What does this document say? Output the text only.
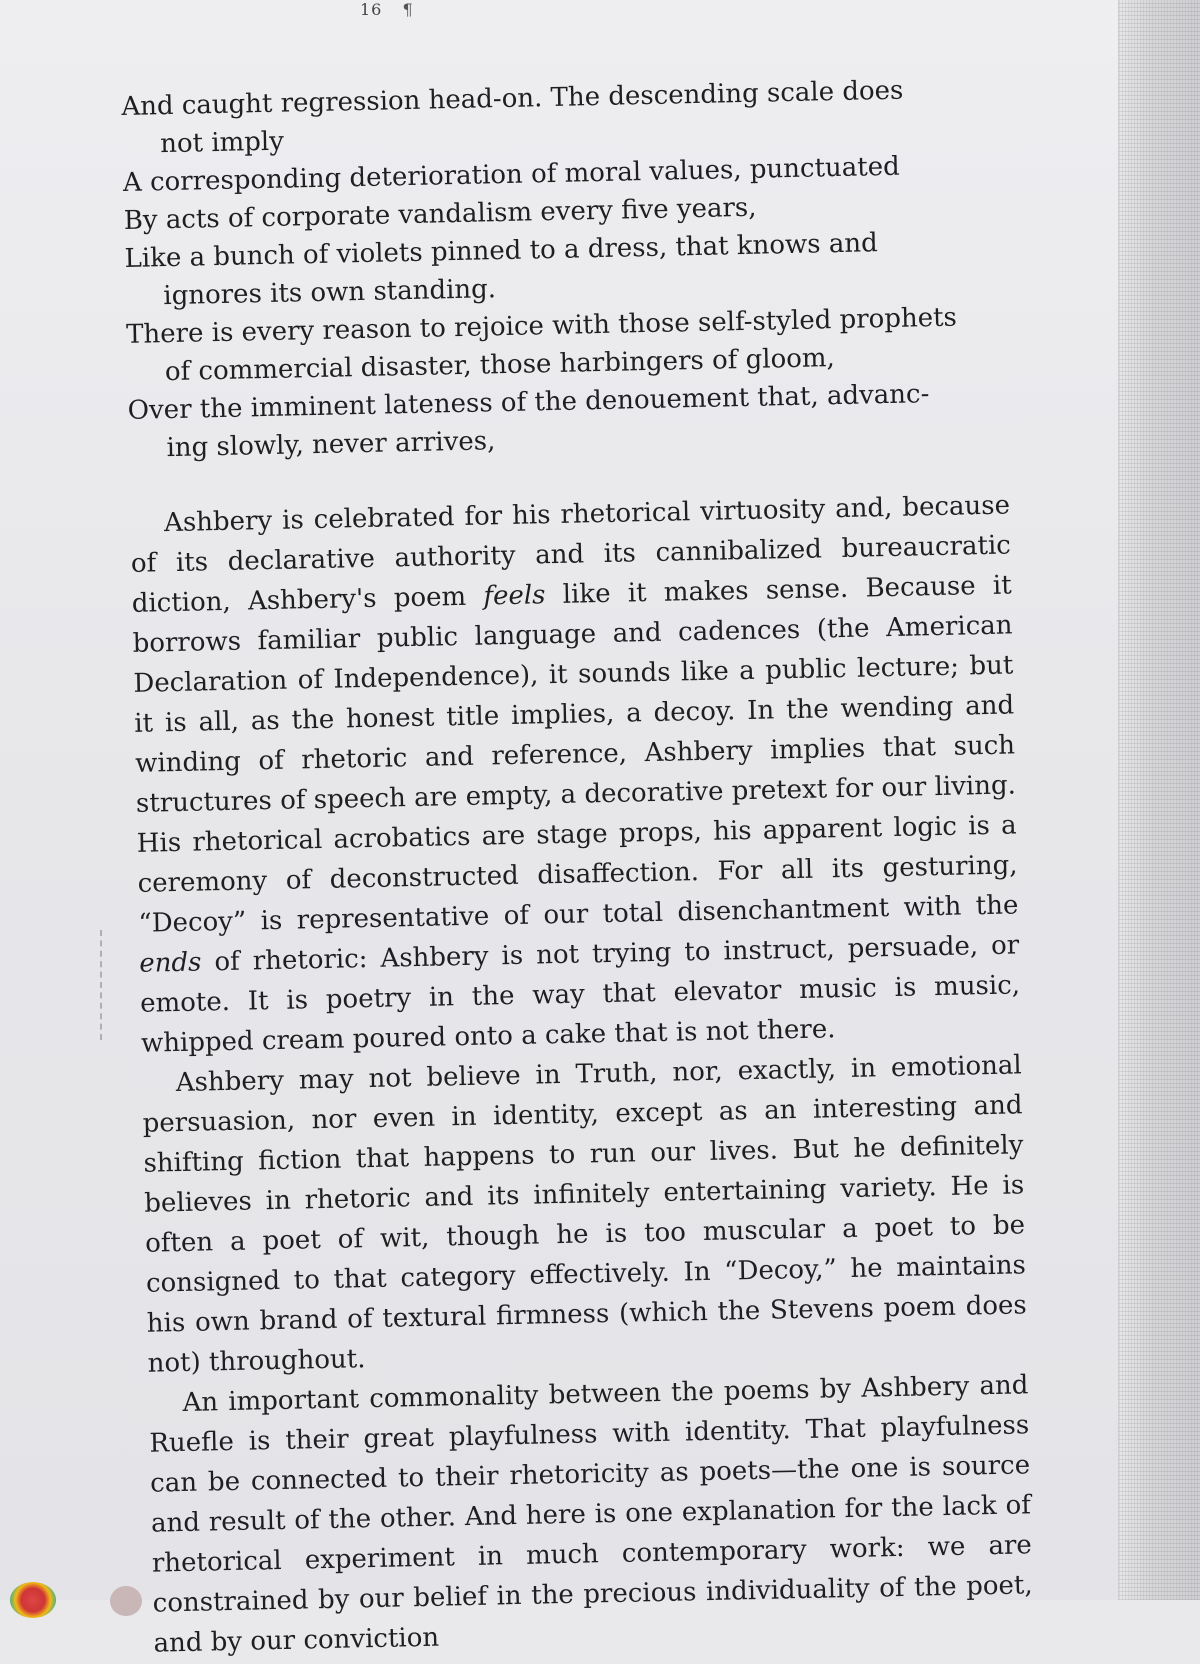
16 ¶
And caught regression head-on. The descending scale does
not imply
A corresponding deterioration of moral values, punctuated
By acts of corporate vandalism every five years,
Like a bunch of violets pinned to a dress, that knows and
ignores its own standing.
There is every reason to rejoice with those self-styled prophets
of commercial disaster, those harbingers of gloom,
Over the imminent lateness of the denouement that, advanc-
ing slowly, never arrives,

Ashbery is celebrated for his rhetorical virtuosity and, because of its declarative authority and its cannibalized bureaucratic diction, Ashbery's poem feels like it makes sense. Because it borrows familiar public language and cadences (the American Declaration of Independence), it sounds like a public lecture; but it is all, as the honest title implies, a decoy. In the wending and winding of rhetoric and reference, Ashbery implies that such structures of speech are empty, a decorative pretext for our living. His rhetorical acrobatics are stage props, his apparent logic is a ceremony of deconstructed disaffection. For all its gesturing, “Decoy” is representative of our total disenchantment with the ends of rhetoric: Ashbery is not trying to instruct, persuade, or emote. It is poetry in the way that elevator music is music, whipped cream poured onto a cake that is not there.

Ashbery may not believe in Truth, nor, exactly, in emotional persuasion, nor even in identity, except as an interesting and shifting fiction that happens to run our lives. But he definitely believes in rhetoric and its infinitely entertaining variety. He is often a poet of wit, though he is too muscular a poet to be consigned to that category effectively. In “Decoy,” he maintains his own brand of textural firmness (which the Stevens poem does not) throughout.

An important commonality between the poems by Ashbery and Ruefle is their great playfulness with identity. That playfulness can be connected to their rhetoricity as poets—the one is source and result of the other. And here is one explanation for the lack of rhetorical experiment in much contemporary work: we are constrained by our belief in the precious individuality of the poet, and by our conviction
